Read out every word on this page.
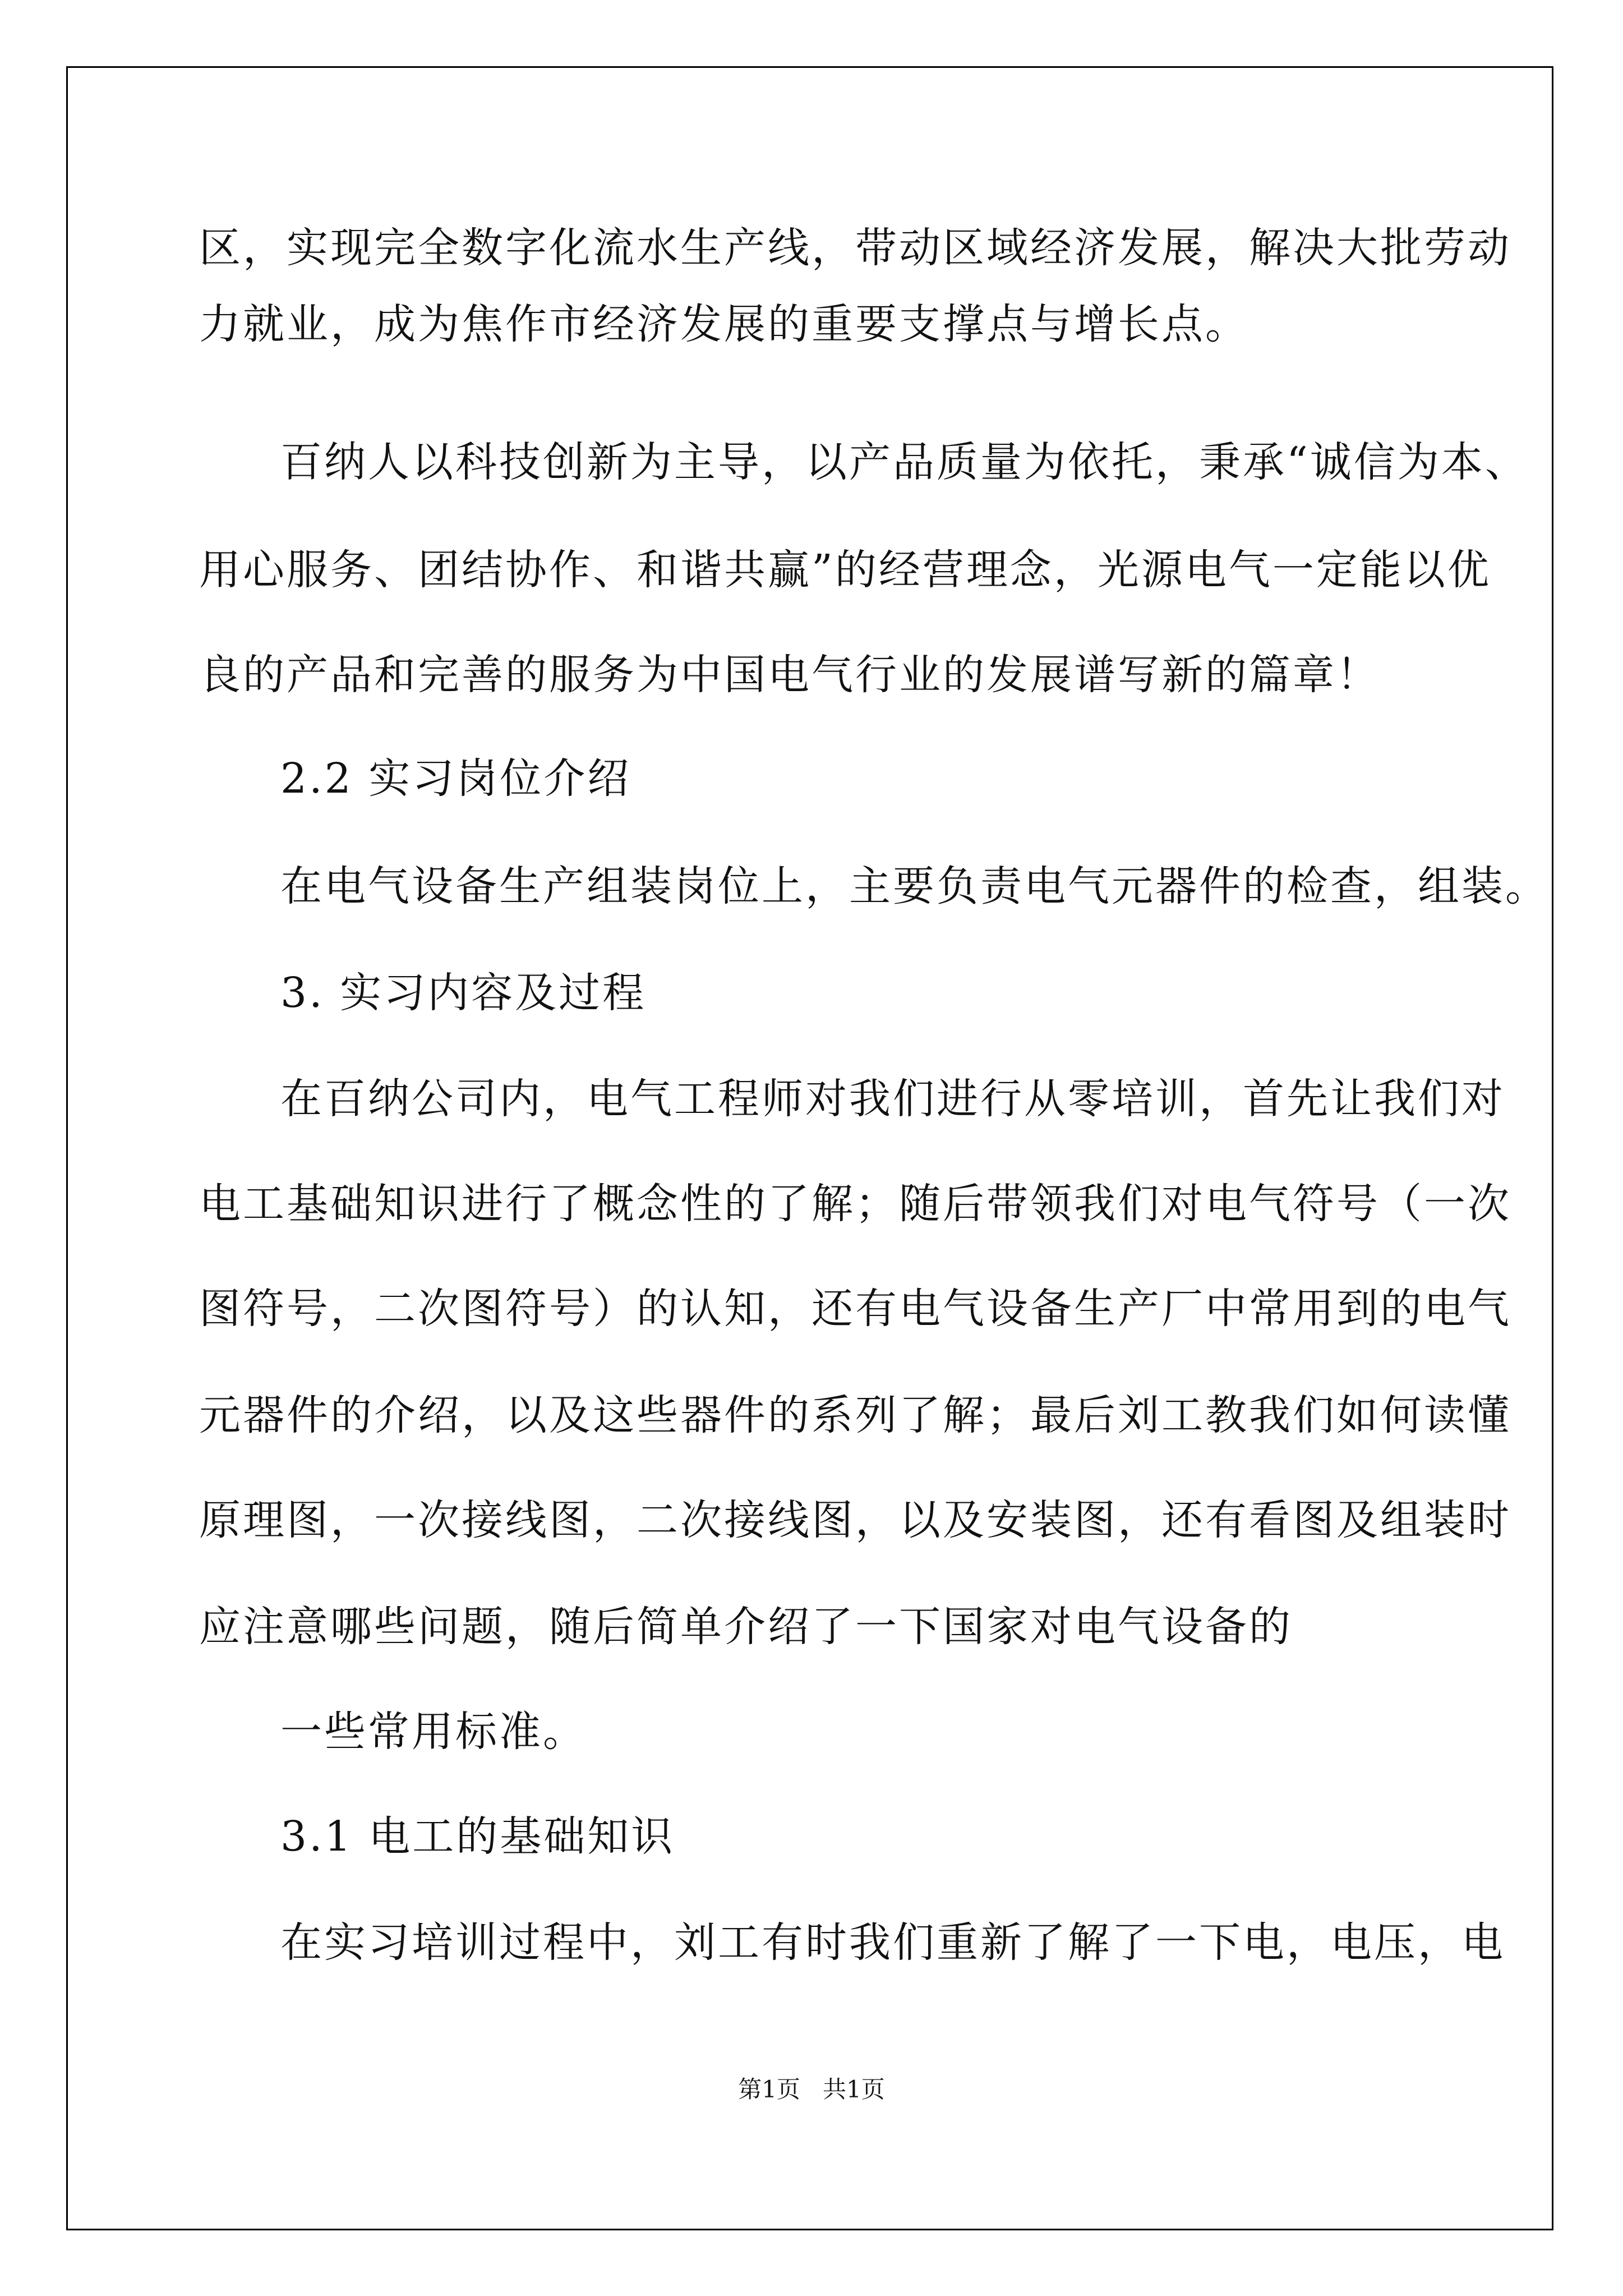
区，实现完全数字化流水生产线，带动区域经济发展，解决大批劳动

力就业，成为焦作市经济发展的重要支撑点与增长点。

百纳人以科技创新为主导，以产品质量为依托，秉承“诚信为本、

用心服务、团结协作、和谐共赢”的经营理念，光源电气一定能以优

良的产品和完善的服务为中国电气行业的发展谱写新的篇章！

2.2 实习岗位介绍

在电气设备生产组装岗位上，主要负责电气元器件的检查，组装。

3. 实习内容及过程

在百纳公司内，电气工程师对我们进行从零培训，首先让我们对

电工基础知识进行了概念性的了解；随后带领我们对电气符号（一次

图符号，二次图符号）的认知，还有电气设备生产厂中常用到的电气

元器件的介绍，以及这些器件的系列了解；最后刘工教我们如何读懂

原理图，一次接线图，二次接线图，以及安装图，还有看图及组装时

应注意哪些问题，随后简单介绍了一下国家对电气设备的

一些常用标准。

3.1 电工的基础知识

在实习培训过程中，刘工有时我们重新了解了一下电，电压，电

第1页 共1页
